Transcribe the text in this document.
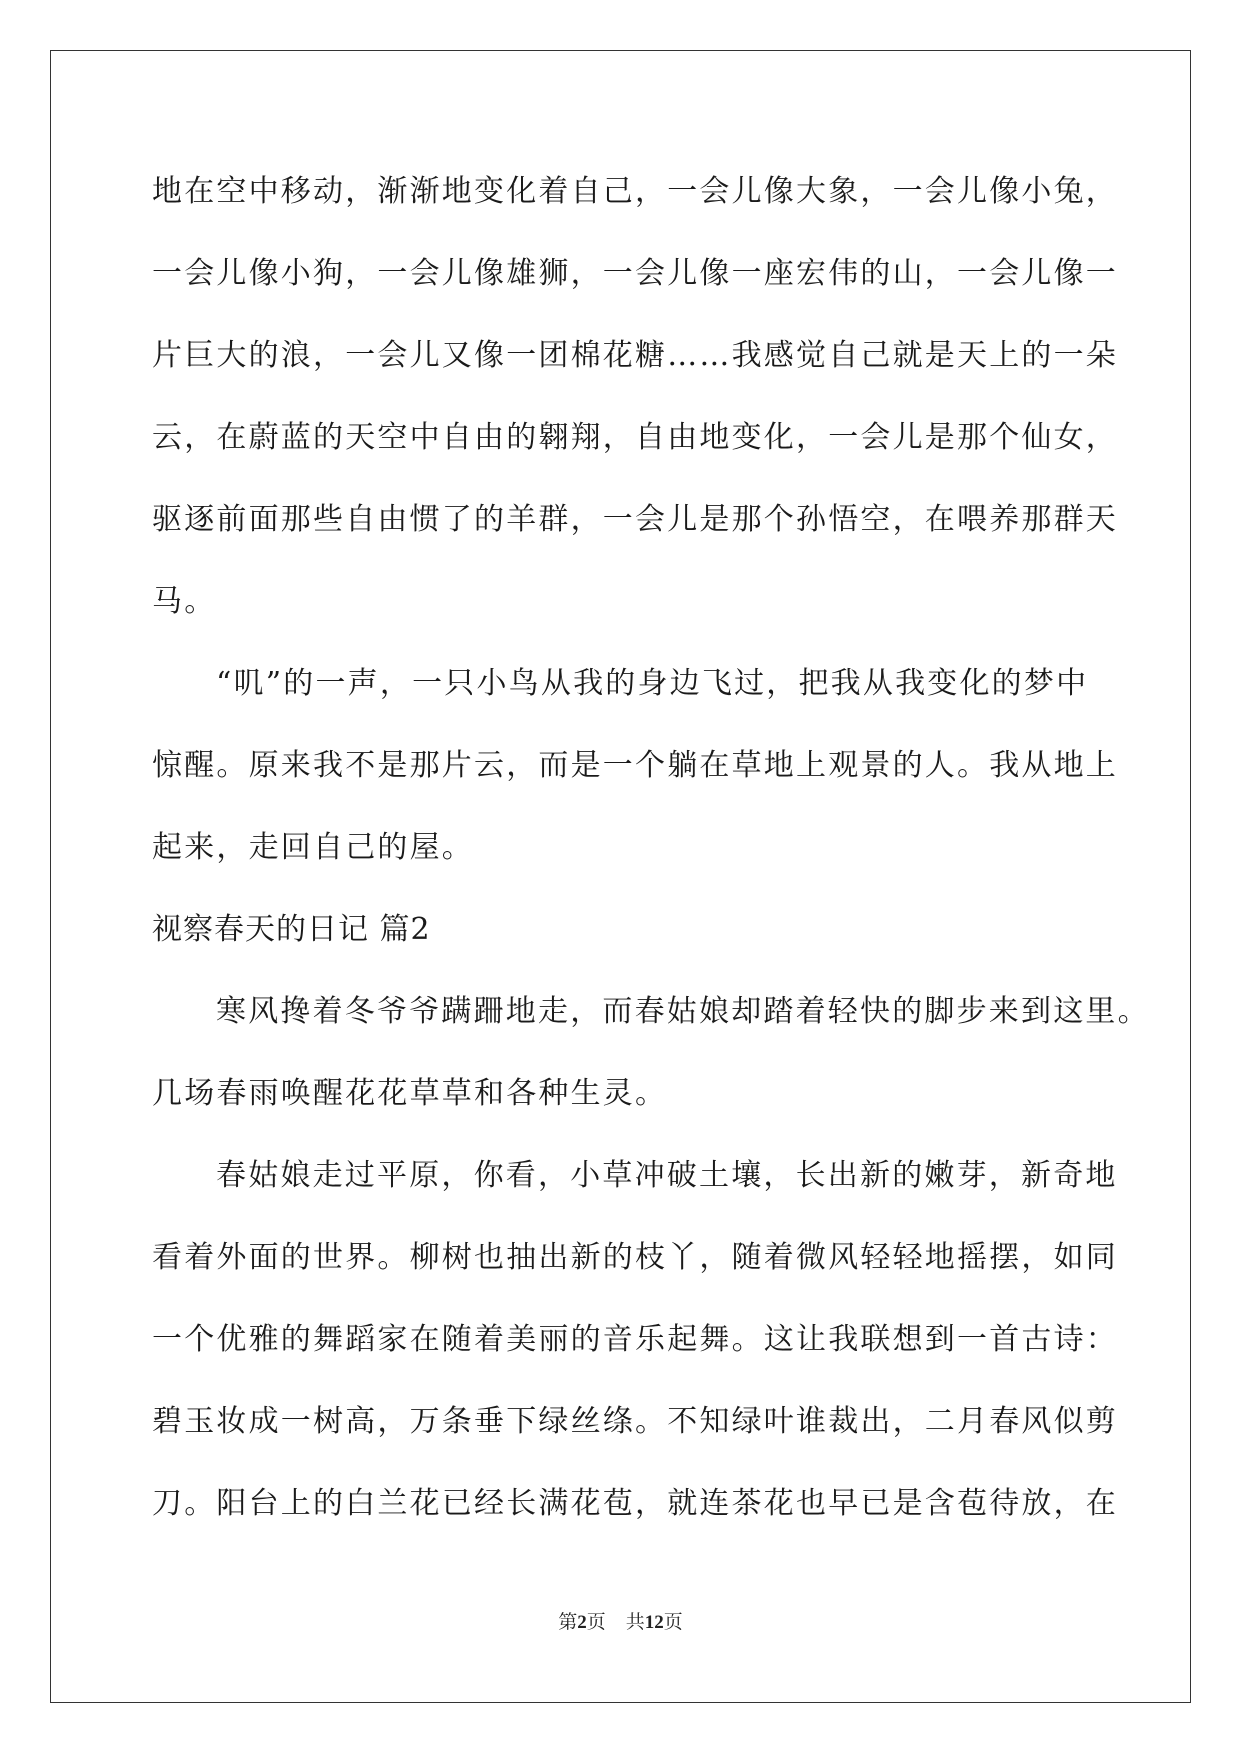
地在空中移动，渐渐地变化着自己，一会儿像大象，一会儿像小兔，
一会儿像小狗，一会儿像雄狮，一会儿像一座宏伟的山，一会儿像一
片巨大的浪，一会儿又像一团棉花糖……我感觉自己就是天上的一朵
云，在蔚蓝的天空中自由的翱翔，自由地变化，一会儿是那个仙女，
驱逐前面那些自由惯了的羊群，一会儿是那个孙悟空，在喂养那群天
马。
“叽”的一声，一只小鸟从我的身边飞过，把我从我变化的梦中
惊醒。原来我不是那片云，而是一个躺在草地上观景的人。我从地上
起来，走回自己的屋。
视察春天的日记 篇2
寒风搀着冬爷爷蹒跚地走，而春姑娘却踏着轻快的脚步来到这里。
几场春雨唤醒花花草草和各种生灵。
春姑娘走过平原，你看，小草冲破土壤，长出新的嫩芽，新奇地
看着外面的世界。柳树也抽出新的枝丫，随着微风轻轻地摇摆，如同
一个优雅的舞蹈家在随着美丽的音乐起舞。这让我联想到一首古诗：
碧玉妆成一树高，万条垂下绿丝绦。不知绿叶谁裁出，二月春风似剪
刀。阳台上的白兰花已经长满花苞，就连茶花也早已是含苞待放，在
第2页 共12页
